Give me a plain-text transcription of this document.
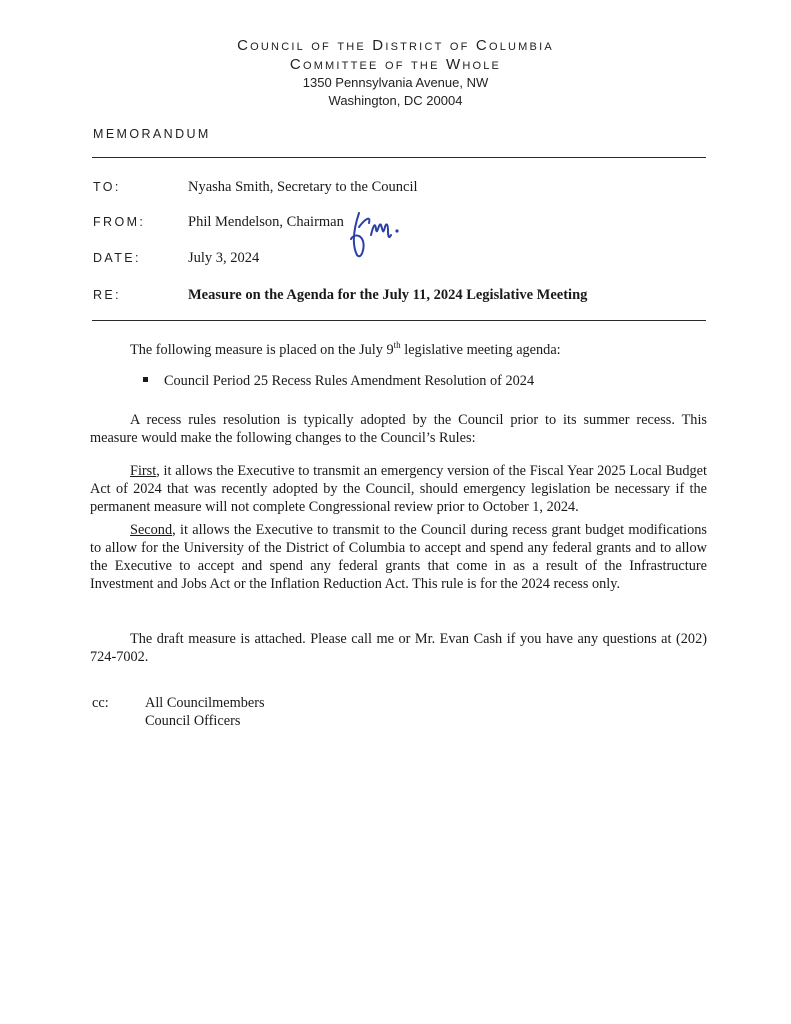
Council of the District of Columbia
Committee of the Whole
1350 Pennsylvania Avenue, NW
Washington, DC 20004
MEMORANDUM
TO:	Nyasha Smith, Secretary to the Council
FROM:	Phil Mendelson, Chairman
DATE:	July 3, 2024
RE:	Measure on the Agenda for the July 11, 2024 Legislative Meeting

The following measure is placed on the July 9th legislative meeting agenda:

Council Period 25 Recess Rules Amendment Resolution of 2024

A recess rules resolution is typically adopted by the Council prior to its summer recess. This measure would make the following changes to the Council’s Rules:

First, it allows the Executive to transmit an emergency version of the Fiscal Year 2025 Local Budget Act of 2024 that was recently adopted by the Council, should emergency legislation be necessary if the permanent measure will not complete Congressional review prior to October 1, 2024.

Second, it allows the Executive to transmit to the Council during recess grant budget modifications to allow for the University of the District of Columbia to accept and spend any federal grants and to allow the Executive to accept and spend any federal grants that come in as a result of the Infrastructure Investment and Jobs Act or the Inflation Reduction Act. This rule is for the 2024 recess only.

The draft measure is attached. Please call me or Mr. Evan Cash if you have any questions at (202) 724-7002.

cc:	All Councilmembers
Council Officers
